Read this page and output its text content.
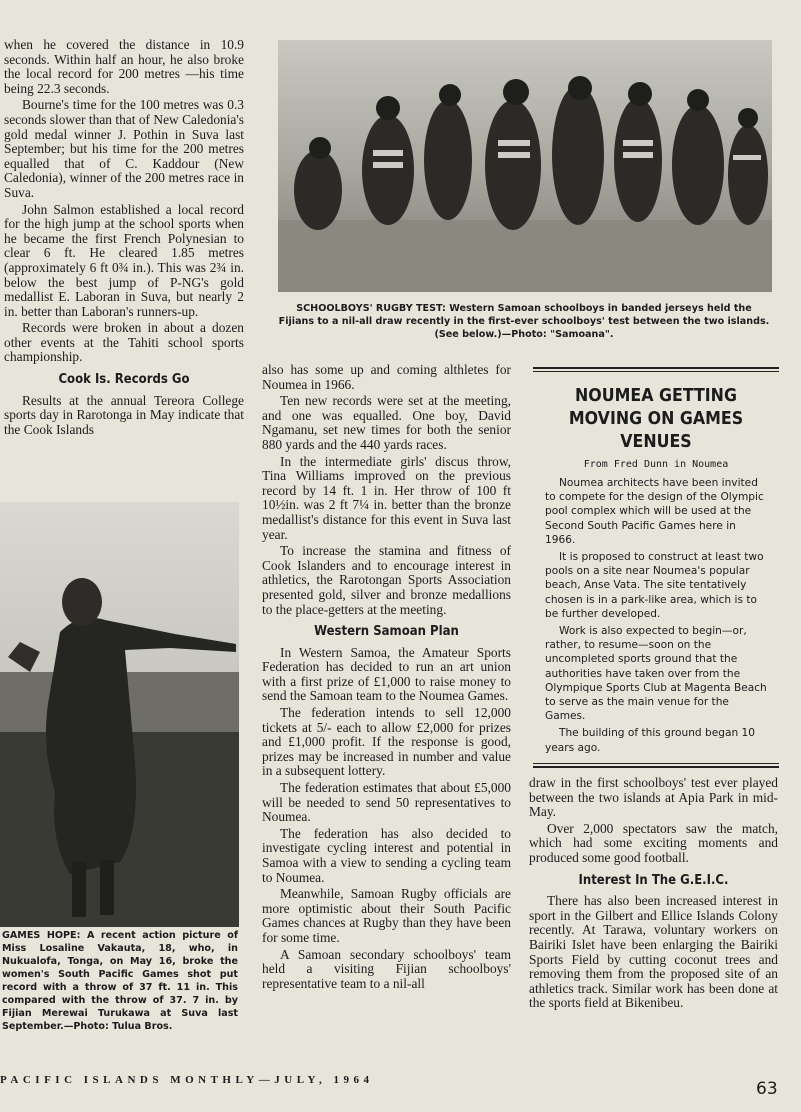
when he covered the distance in 10.9 seconds. Within half an hour, he also broke the local record for 200 metres —his time being 22.3 seconds.

Bourne's time for the 100 metres was 0.3 seconds slower than that of New Caledonia's gold medal winner J. Pothin in Suva last September; but his time for the 200 metres equalled that of C. Kaddour (New Caledonia), winner of the 200 metres race in Suva.

John Salmon established a local record for the high jump at the school sports when he became the first French Polynesian to clear 6 ft. He cleared 1.85 metres (approximately 6 ft 0¾ in.). This was 2¾ in. below the best jump of P-NG's gold medallist E. Laboran in Suva, but nearly 2 in. better than Laboran's runners-up.

Records were broken in about a dozen other events at the Tahiti school sports championship.

Cook Is. Records Go

Results at the annual Tereora College sports day in Rarotonga in May indicate that the Cook Islands

GAMES HOPE: A recent action picture of Miss Losaline Vakauta, 18, who, in Nukualofa, Tonga, on May 16, broke the women's South Pacific Games shot put record with a throw of 37 ft. 11 in. This compared with the throw of 37. 7 in. by Fijian Merewai Turukawa at Suva last September.—Photo: Tulua Bros.
SCHOOLBOYS' RUGBY TEST: Western Samoan schoolboys in banded jerseys held the Fijians to a nil-all draw recently in the first-ever schoolboys' test between the two islands. (See below.)—Photo: "Samoana".

also has some up and coming althletes for Noumea in 1966.

Ten new records were set at the meeting, and one was equalled. One boy, David Ngamanu, set new times for both the senior 880 yards and the 440 yards races.

In the intermediate girls' discus throw, Tina Williams improved on the previous record by 14 ft. 1 in. Her throw of 100 ft 10½in. was 2 ft 7¼ in. better than the bronze medallist's distance for this event in Suva last year.

To increase the stamina and fitness of Cook Islanders and to encourage interest in athletics, the Rarotongan Sports Association presented gold, silver and bronze medallions to the place-getters at the meeting.

Western Samoan Plan

In Western Samoa, the Amateur Sports Federation has decided to run an art union with a first prize of £1,000 to raise money to send the Samoan team to the Noumea Games.

The federation intends to sell 12,000 tickets at 5/- each to allow £2,000 for prizes and £1,000 profit. If the response is good, prizes may be increased in number and value in a subsequent lottery.

The federation estimates that about £5,000 will be needed to send 50 representatives to Noumea.

The federation has also decided to investigate cycling interest and potential in Samoa with a view to sending a cycling team to Noumea.

Meanwhile, Samoan Rugby officials are more optimistic about their South Pacific Games chances at Rugby than they have been for some time.

A Samoan secondary schoolboys' team held a visiting Fijian schoolboys' representative team to a nil-all

NOUMEA GETTING MOVING ON GAMES VENUES
From Fred Dunn in Noumea

Noumea architects have been invited to compete for the design of the Olympic pool complex which will be used at the Second South Pacific Games here in 1966.

It is proposed to construct at least two pools on a site near Noumea's popular beach, Anse Vata. The site tentatively chosen is in a park-like area, which is to be further developed.

Work is also expected to begin—or, rather, to resume—soon on the uncompleted sports ground that the authorities have taken over from the Olympique Sports Club at Magenta Beach to serve as the main venue for the Games.

The building of this ground began 10 years ago.

draw in the first schoolboys' test ever played between the two islands at Apia Park in mid-May.

Over 2,000 spectators saw the match, which had some exciting moments and produced some good football.

Interest In The G.E.I.C.

There has also been increased interest in sport in the Gilbert and Ellice Islands Colony recently. At Tarawa, voluntary workers on Bairiki Islet have been enlarging the Bairiki Sports Field by cutting coconut trees and removing them from the proposed site of an athletics track. Similar work has been done at the sports field at Bikenibeu.

PACIFIC ISLANDS MONTHLY—JULY, 1964	63
